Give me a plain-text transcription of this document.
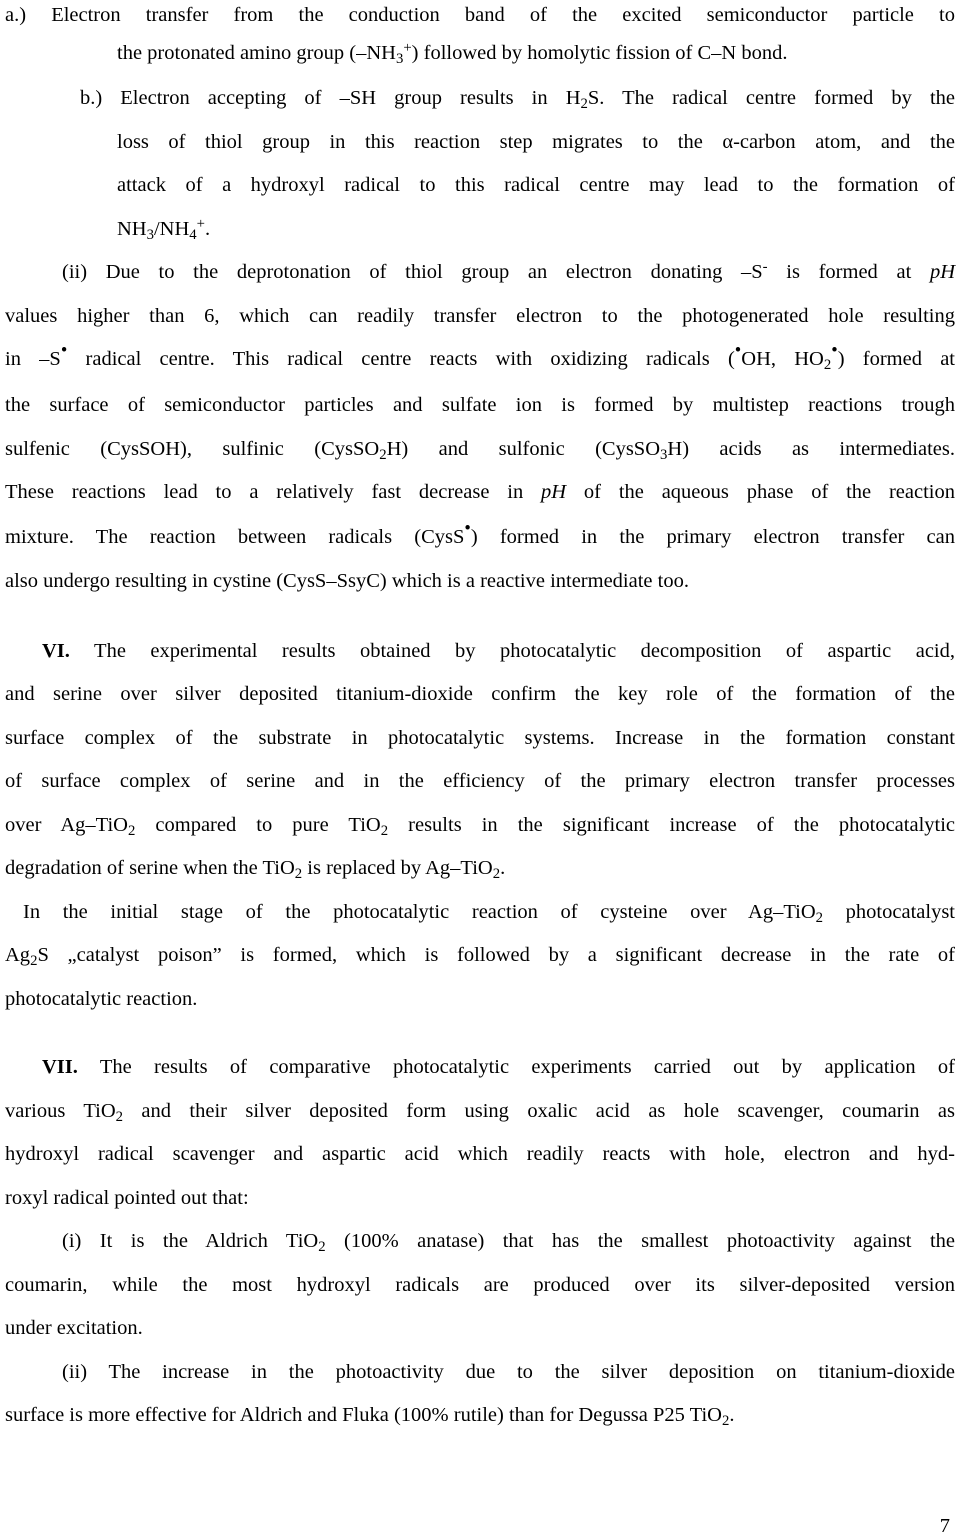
a.) Electron transfer from the conduction band of the excited semiconductor particle to
the protonated amino group $(-NH_3^+)$ followed by homolytic fission of C–N bond.
b.) Electron accepting of –SH group results in $H_2S$. The radical centre formed by the
loss of thiol group in this reaction step migrates to the α-carbon atom, and the
attack of a hydroxyl radical to this radical centre may lead to the formation of
$NH_3/NH_4^+$.
(ii) Due to the deprotonation of thiol group an electron donating –S- is formed at pH
values higher than 6, which can readily transfer electron to the photogenerated hole resulting
in –S• radical centre. This radical centre reacts with oxidizing radicals (•OH, $HO_2•$) formed at
the surface of semiconductor particles and sulfate ion is formed by multistep reactions trough
sulfenic (CysSOH), sulfinic (CysSO$_2$H) and sulfonic (CysSO$_3$H) acids as intermediates.
These reactions lead to a relatively fast decrease in pH of the aqueous phase of the reaction
mixture. The reaction between radicals (CysS•) formed in the primary electron transfer can
also undergo resulting in cystine (CysS–SsyC) which is a reactive intermediate too.
VI. The experimental results obtained by photocatalytic decomposition of aspartic acid,
and serine over silver deposited titanium-dioxide confirm the key role of the formation of the
surface complex of the substrate in photocatalytic systems. Increase in the formation constant
of surface complex of serine and in the efficiency of the primary electron transfer processes
over Ag–TiO$_2$ compared to pure TiO$_2$ results in the significant increase of the photocatalytic
degradation of serine when the TiO$_2$ is replaced by Ag–TiO$_2$.
In the initial stage of the photocatalytic reaction of cysteine over Ag–TiO$_2$ photocatalyst
$Ag_2S$ „catalyst poison” is formed, which is followed by a significant decrease in the rate of
photocatalytic reaction.
VII. The results of comparative photocatalytic experiments carried out by application of
various TiO$_2$ and their silver deposited form using oxalic acid as hole scavenger, coumarin as
hydroxyl radical scavenger and aspartic acid which readily reacts with hole, electron and hyd-
roxyl radical pointed out that:
(i) It is the Aldrich TiO$_2$ (100% anatase) that has the smallest photoactivity against the
coumarin, while the most hydroxyl radicals are produced over its silver-deposited version
under excitation.
(ii) The increase in the photoactivity due to the silver deposition on titanium-dioxide
surface is more effective for Aldrich and Fluka (100% rutile) than for Degussa P25 TiO$_2$.
7
